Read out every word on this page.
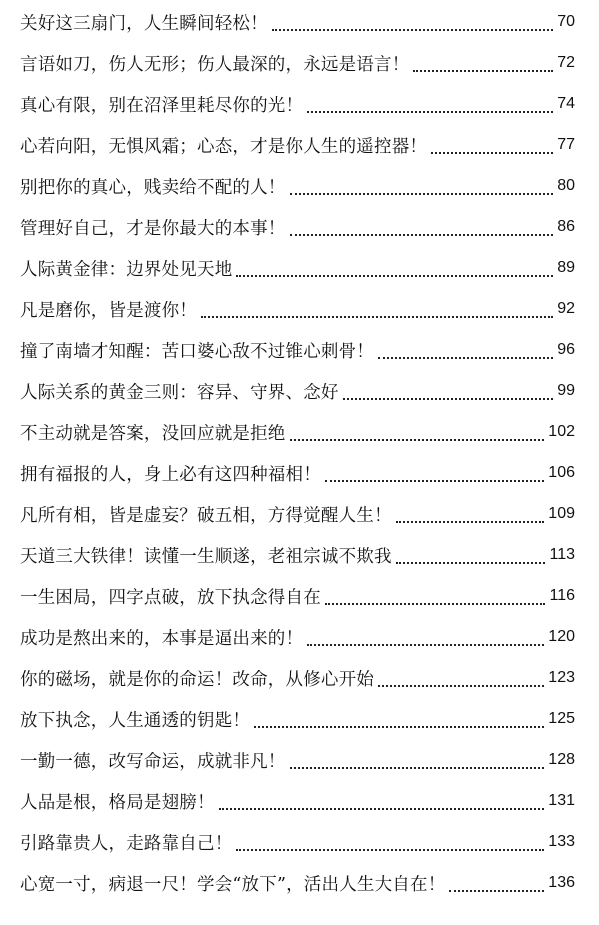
关好这三扇门，人生瞬间轻松！	70
言语如刀，伤人无形；伤人最深的，永远是语言！	72
真心有限，别在沼泽里耗尽你的光！	74
心若向阳，无惧风霜；心态，才是你人生的遥控器！	77
别把你的真心，贱卖给不配的人！	80
管理好自己，才是你最大的本事！	86
人际黄金律：边界处见天地	89
凡是磨你，皆是渡你！	92
撞了南墙才知醒：苦口婆心敌不过锥心刺骨！	96
人际关系的黄金三则：容异、守界、念好	99
不主动就是答案，没回应就是拒绝	102
拥有福报的人，身上必有这四种福相！	106
凡所有相，皆是虚妄？破五相，方得觉醒人生！	109
天道三大铁律！读懂一生顺遂，老祖宗诚不欺我	113
一生困局，四字点破，放下执念得自在	116
成功是熬出来的，本事是逼出来的！	120
你的磁场，就是你的命运！改命，从修心开始	123
放下执念，人生通透的钥匙！	125
一勤一德，改写命运，成就非凡！	128
人品是根，格局是翅膀！	131
引路靠贵人，走路靠自己！	133
心宽一寸，病退一尺！学会“放下”，活出人生大自在！	136
